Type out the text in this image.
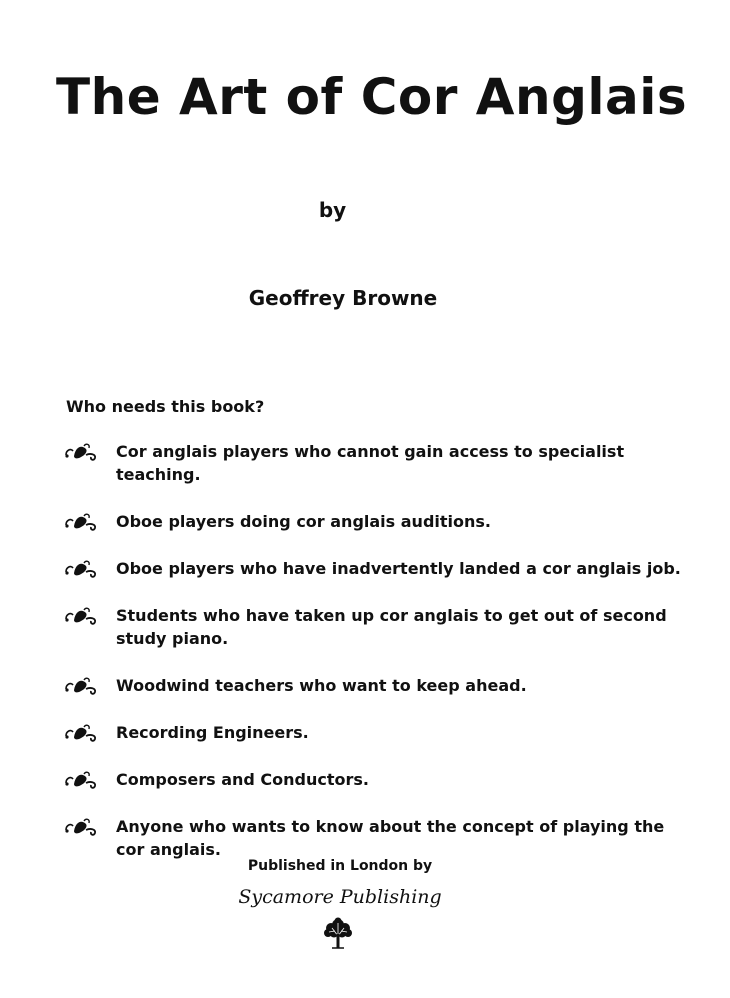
The Art of Cor Anglais
by
Geoffrey Browne
Who needs this book?
Cor anglais players who cannot gain access to specialist teaching.
Oboe players doing cor anglais auditions.
Oboe players who have inadvertently landed a cor anglais job.
Students who have taken up cor anglais to get out of second study piano.
Woodwind teachers who want to keep ahead.
Recording Engineers.
Composers and Conductors.
Anyone who wants to know about the concept of playing the cor anglais.
Published in London by
Sycamore Publishing
